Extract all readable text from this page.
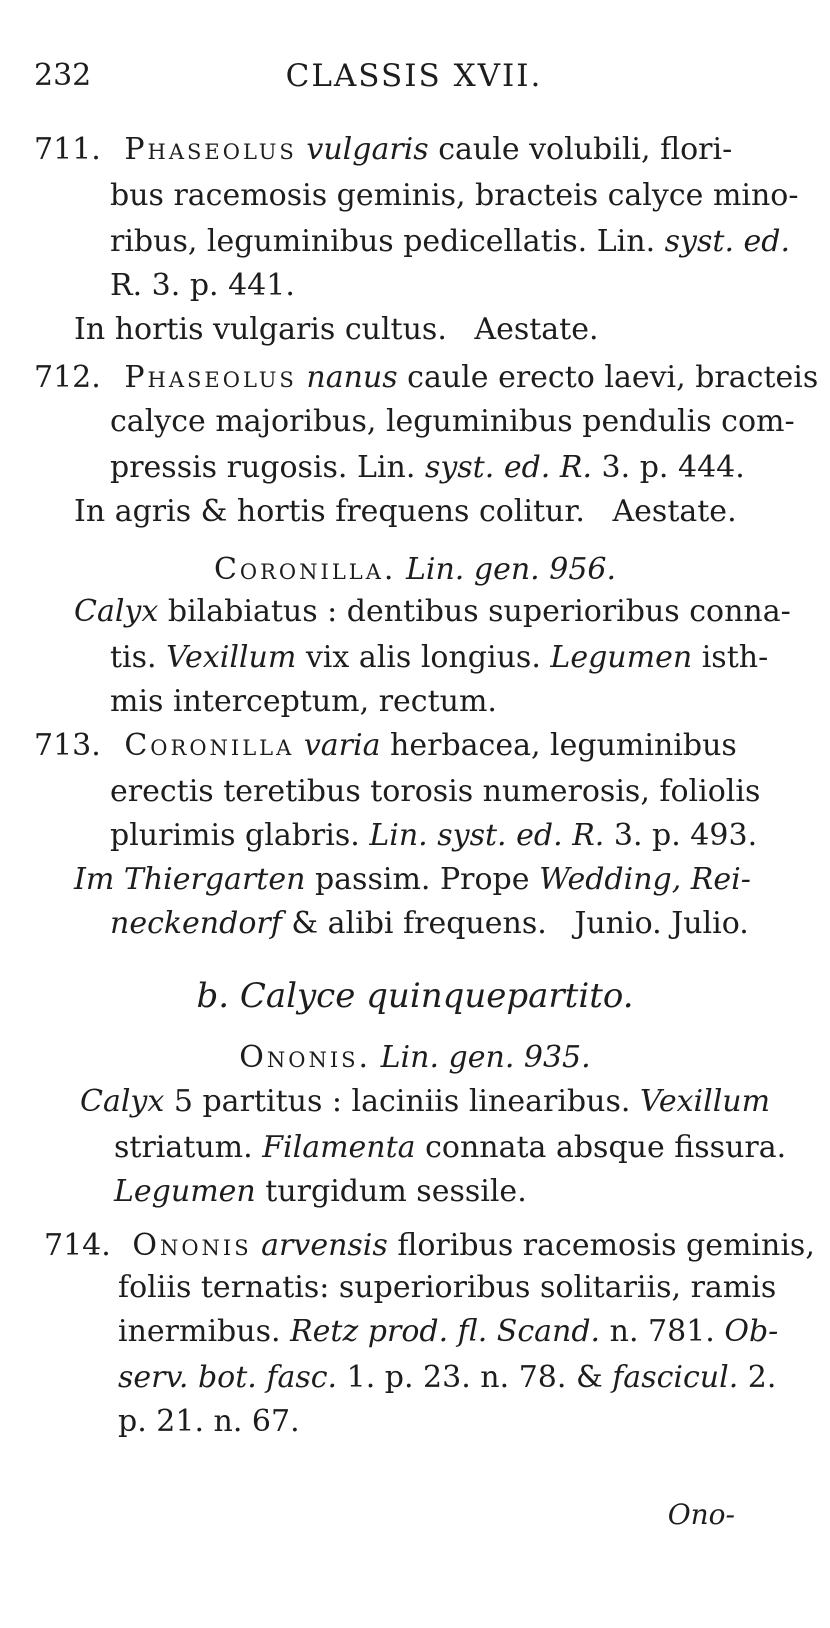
232	CLASSIS XVII.
711. Phaseolus vulgaris caule volubili, flori-
bus racemosis geminis, bracteis calyce mino-
ribus, leguminibus pedicellatis. Lin. syst. ed.
R. 3. p. 441.
In hortis vulgaris cultus. Aestate.
712. Phaseolus nanus caule erecto laevi, bracteis
calyce majoribus, leguminibus pendulis com-
pressis rugosis. Lin. syst. ed. R. 3. p. 444.
In agris & hortis frequens colitur. Aestate.
Coronilla. Lin. gen. 956.
Calyx bilabiatus : dentibus superioribus conna-
tis. Vexillum vix alis longius. Legumen isth-
mis interceptum, rectum.
713. Coronilla varia herbacea, leguminibus
erectis teretibus torosis numerosis, foliolis
plurimis glabris. Lin. syst. ed. R. 3. p. 493.
Im Thiergarten passim. Prope Wedding, Rei-
neckendorf & alibi frequens. Junio. Julio.
b. Calyce quinquepartito.
Ononis. Lin. gen. 935.
Calyx 5 partitus : laciniis linearibus. Vexillum
striatum. Filamenta connata absque fissura.
Legumen turgidum sessile.
714. Ononis arvensis floribus racemosis geminis,
foliis ternatis: superioribus solitariis, ramis
inermibus. Retz prod. fl. Scand. n. 781. Ob-
serv. bot. fasc. 1. p. 23. n. 78. & fascicul. 2.
p. 21. n. 67.
Ono-
